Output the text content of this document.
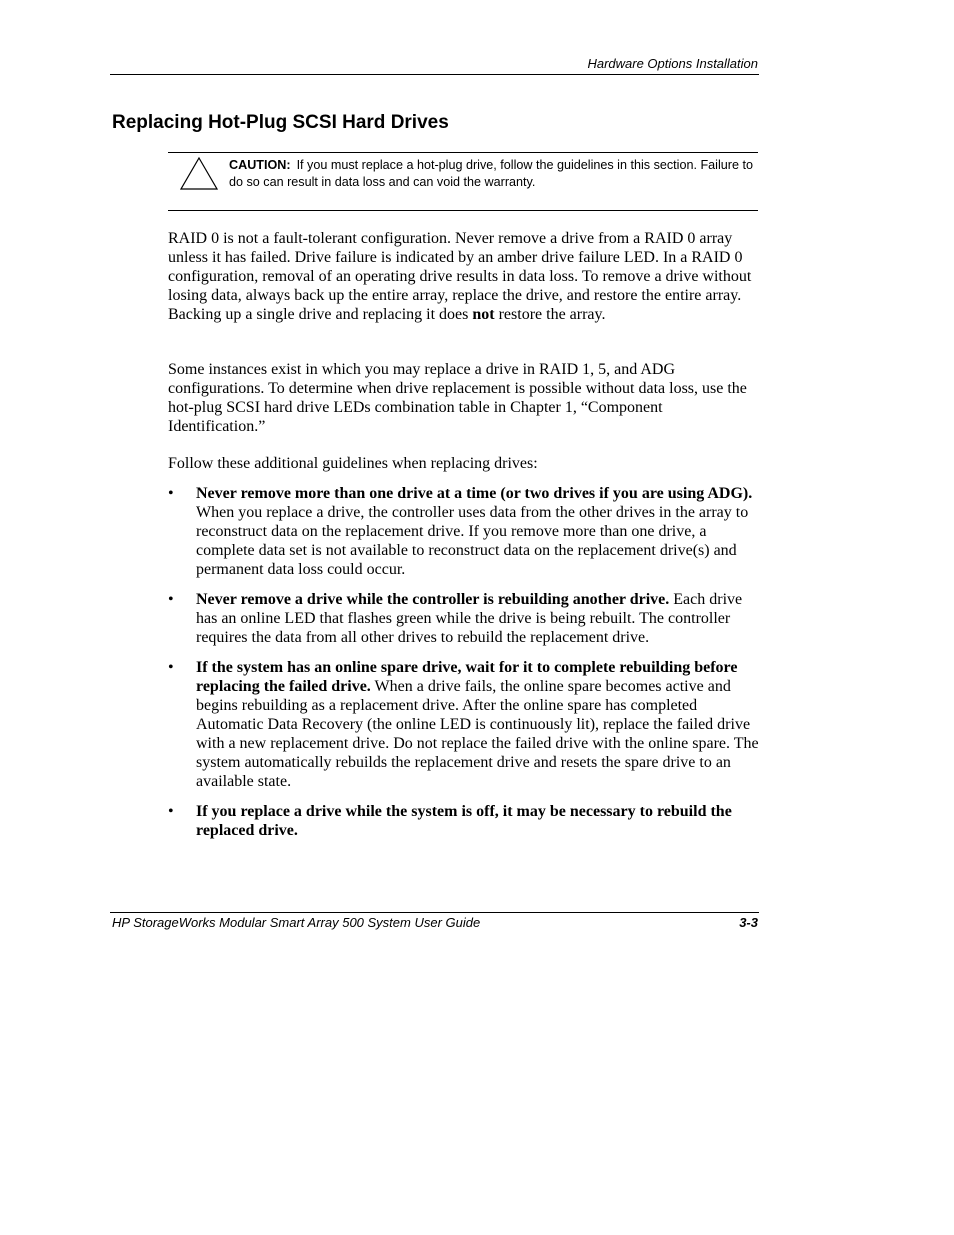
Hardware Options Installation
Replacing Hot-Plug SCSI Hard Drives
CAUTION: If you must replace a hot-plug drive, follow the guidelines in this section. Failure to do so can result in data loss and can void the warranty.

RAID 0 is not a fault-tolerant configuration. Never remove a drive from a RAID 0 array unless it has failed. Drive failure is indicated by an amber drive failure LED. In a RAID 0 configuration, removal of an operating drive results in data loss. To remove a drive without losing data, always back up the entire array, replace the drive, and restore the entire array. Backing up a single drive and replacing it does not restore the array.

Some instances exist in which you may replace a drive in RAID 1, 5, and ADG configurations. To determine when drive replacement is possible without data loss, use the hot-plug SCSI hard drive LEDs combination table in Chapter 1, “Component Identification.”

Follow these additional guidelines when replacing drives:

• Never remove more than one drive at a time (or two drives if you are using ADG). When you replace a drive, the controller uses data from the other drives in the array to reconstruct data on the replacement drive. If you remove more than one drive, a complete data set is not available to reconstruct data on the replacement drive(s) and permanent data loss could occur.
• Never remove a drive while the controller is rebuilding another drive. Each drive has an online LED that flashes green while the drive is being rebuilt. The controller requires the data from all other drives to rebuild the replacement drive.
• If the system has an online spare drive, wait for it to complete rebuilding before replacing the failed drive. When a drive fails, the online spare becomes active and begins rebuilding as a replacement drive. After the online spare has completed Automatic Data Recovery (the online LED is continuously lit), replace the failed drive with a new replacement drive. Do not replace the failed drive with the online spare. The system automatically rebuilds the replacement drive and resets the spare drive to an available state.
• If you replace a drive while the system is off, it may be necessary to rebuild the replaced drive.
HP StorageWorks Modular Smart Array 500 System User Guide	3-3
